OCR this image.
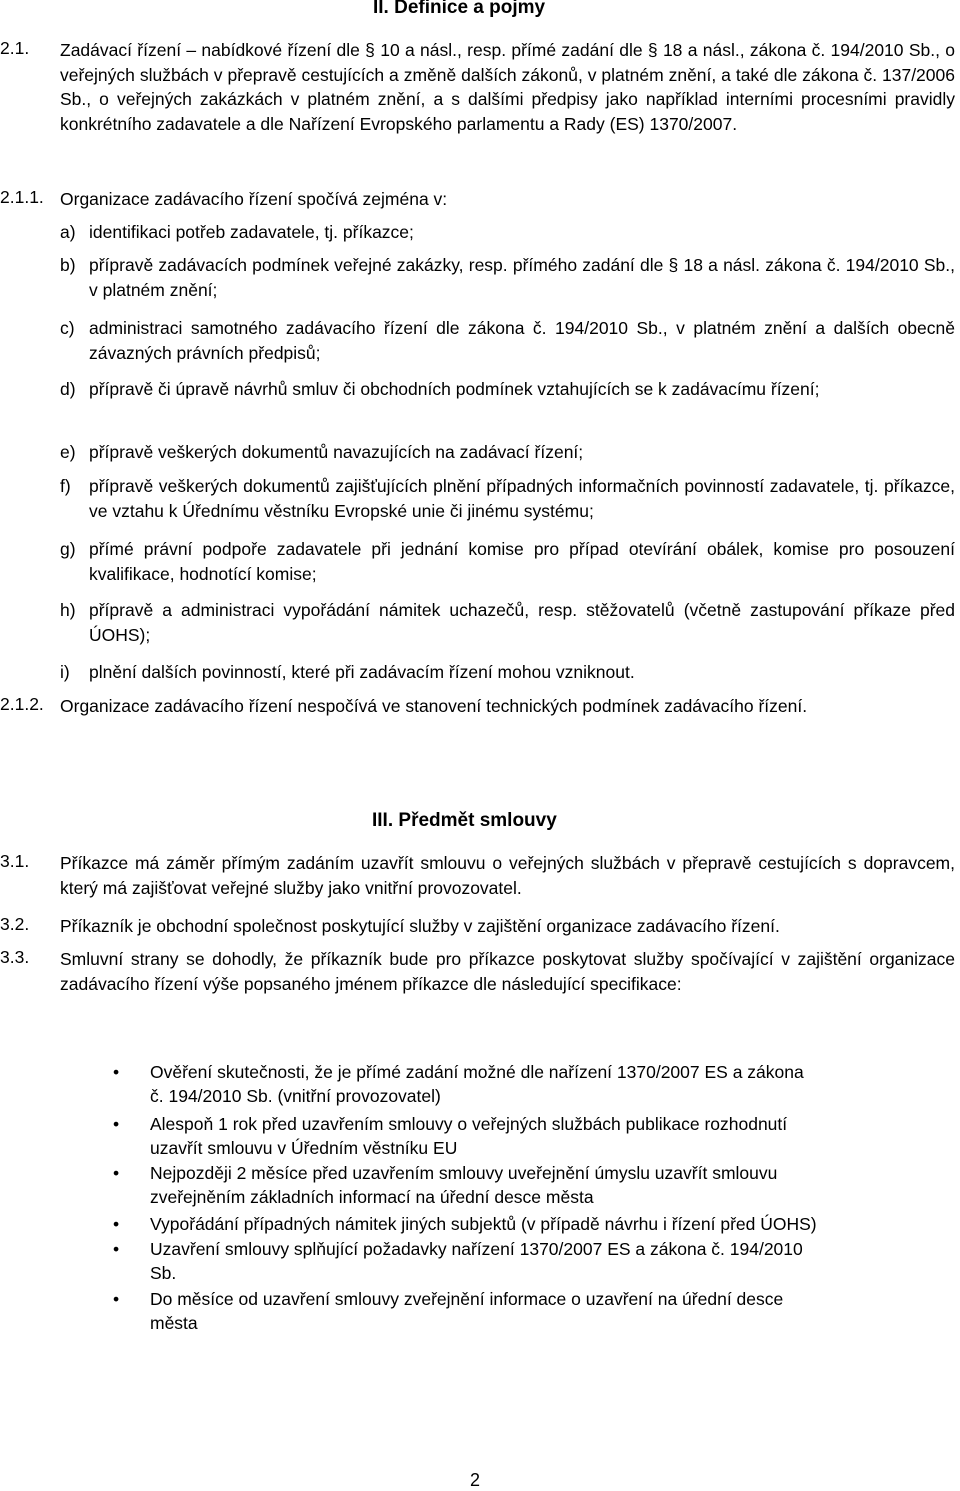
II. Definice a pojmy
2.1.	Zadávací řízení – nabídkové řízení dle § 10 a násl., resp. přímé zadání dle § 18 a násl., zákona č. 194/2010 Sb., o veřejných službách v přepravě cestujících a změně dalších zákonů, v platném znění, a také dle zákona č. 137/2006 Sb., o veřejných zakázkách v platném znění, a s dalšími předpisy jako například interními procesními pravidly konkrétního zadavatele a dle Nařízení Evropského parlamentu a Rady (ES) 1370/2007.
2.1.1. Organizace zadávacího řízení spočívá zejména v:
a) identifikaci potřeb zadavatele, tj. příkazce;
b) přípravě zadávacích podmínek veřejné zakázky, resp. přímého zadání dle § 18 a násl. zákona č. 194/2010 Sb., v platném znění;
c) administraci samotného zadávacího řízení dle zákona č. 194/2010 Sb., v platném znění a dalších obecně závazných právních předpisů;
d) přípravě či úpravě návrhů smluv či obchodních podmínek vztahujících se k zadávacímu řízení;
e) přípravě veškerých dokumentů navazujících na zadávací řízení;
f) přípravě veškerých dokumentů zajišťujících plnění případných informačních povinností zadavatele, tj. příkazce, ve vztahu k Úřednímu věstníku Evropské unie či jinému systému;
g) přímé právní podpoře zadavatele při jednání komise pro případ otevírání obálek, komise pro posouzení kvalifikace, hodnotící komise;
h) přípravě a administraci vypořádání námitek uchazečů, resp. stěžovatelů (včetně zastupování příkaze před ÚOHS);
i) plnění dalších povinností, které při zadávacím řízení mohou vzniknout.
2.1.2. Organizace zadávacího řízení nespočívá ve stanovení technických podmínek zadávacího řízení.
III. Předmět smlouvy
3.1.	Příkazce má záměr přímým zadáním uzavřít smlouvu o veřejných službách v přepravě cestujících s dopravcem, který má zajišťovat veřejné služby jako vnitřní provozovatel.
3.2.	Příkazník je obchodní společnost poskytující služby v zajištění organizace zadávacího řízení.
3.3.	Smluvní strany se dohodly, že příkazník bude pro příkazce poskytovat služby spočívající v zajištění organizace zadávacího řízení výše popsaného jménem příkazce dle následující specifikace:
• Ověření skutečnosti, že je přímé zadání možné dle nařízení 1370/2007 ES a zákona
č. 194/2010 Sb. (vnitřní provozovatel)
• Alespoň 1 rok před uzavřením smlouvy o veřejných službách publikace rozhodnutí
uzavřít smlouvu v Úředním věstníku EU
• Nejpozději 2 měsíce před uzavřením smlouvy uveřejnění úmyslu uzavřít smlouvu
zveřejněním základních informací na úřední desce města
• Vypořádání případných námitek jiných subjektů (v případě návrhu i řízení před ÚOHS)
• Uzavření smlouvy splňující požadavky nařízení 1370/2007 ES a zákona č. 194/2010
Sb.
• Do měsíce od uzavření smlouvy zveřejnění informace o uzavření na úřední desce
města
2
